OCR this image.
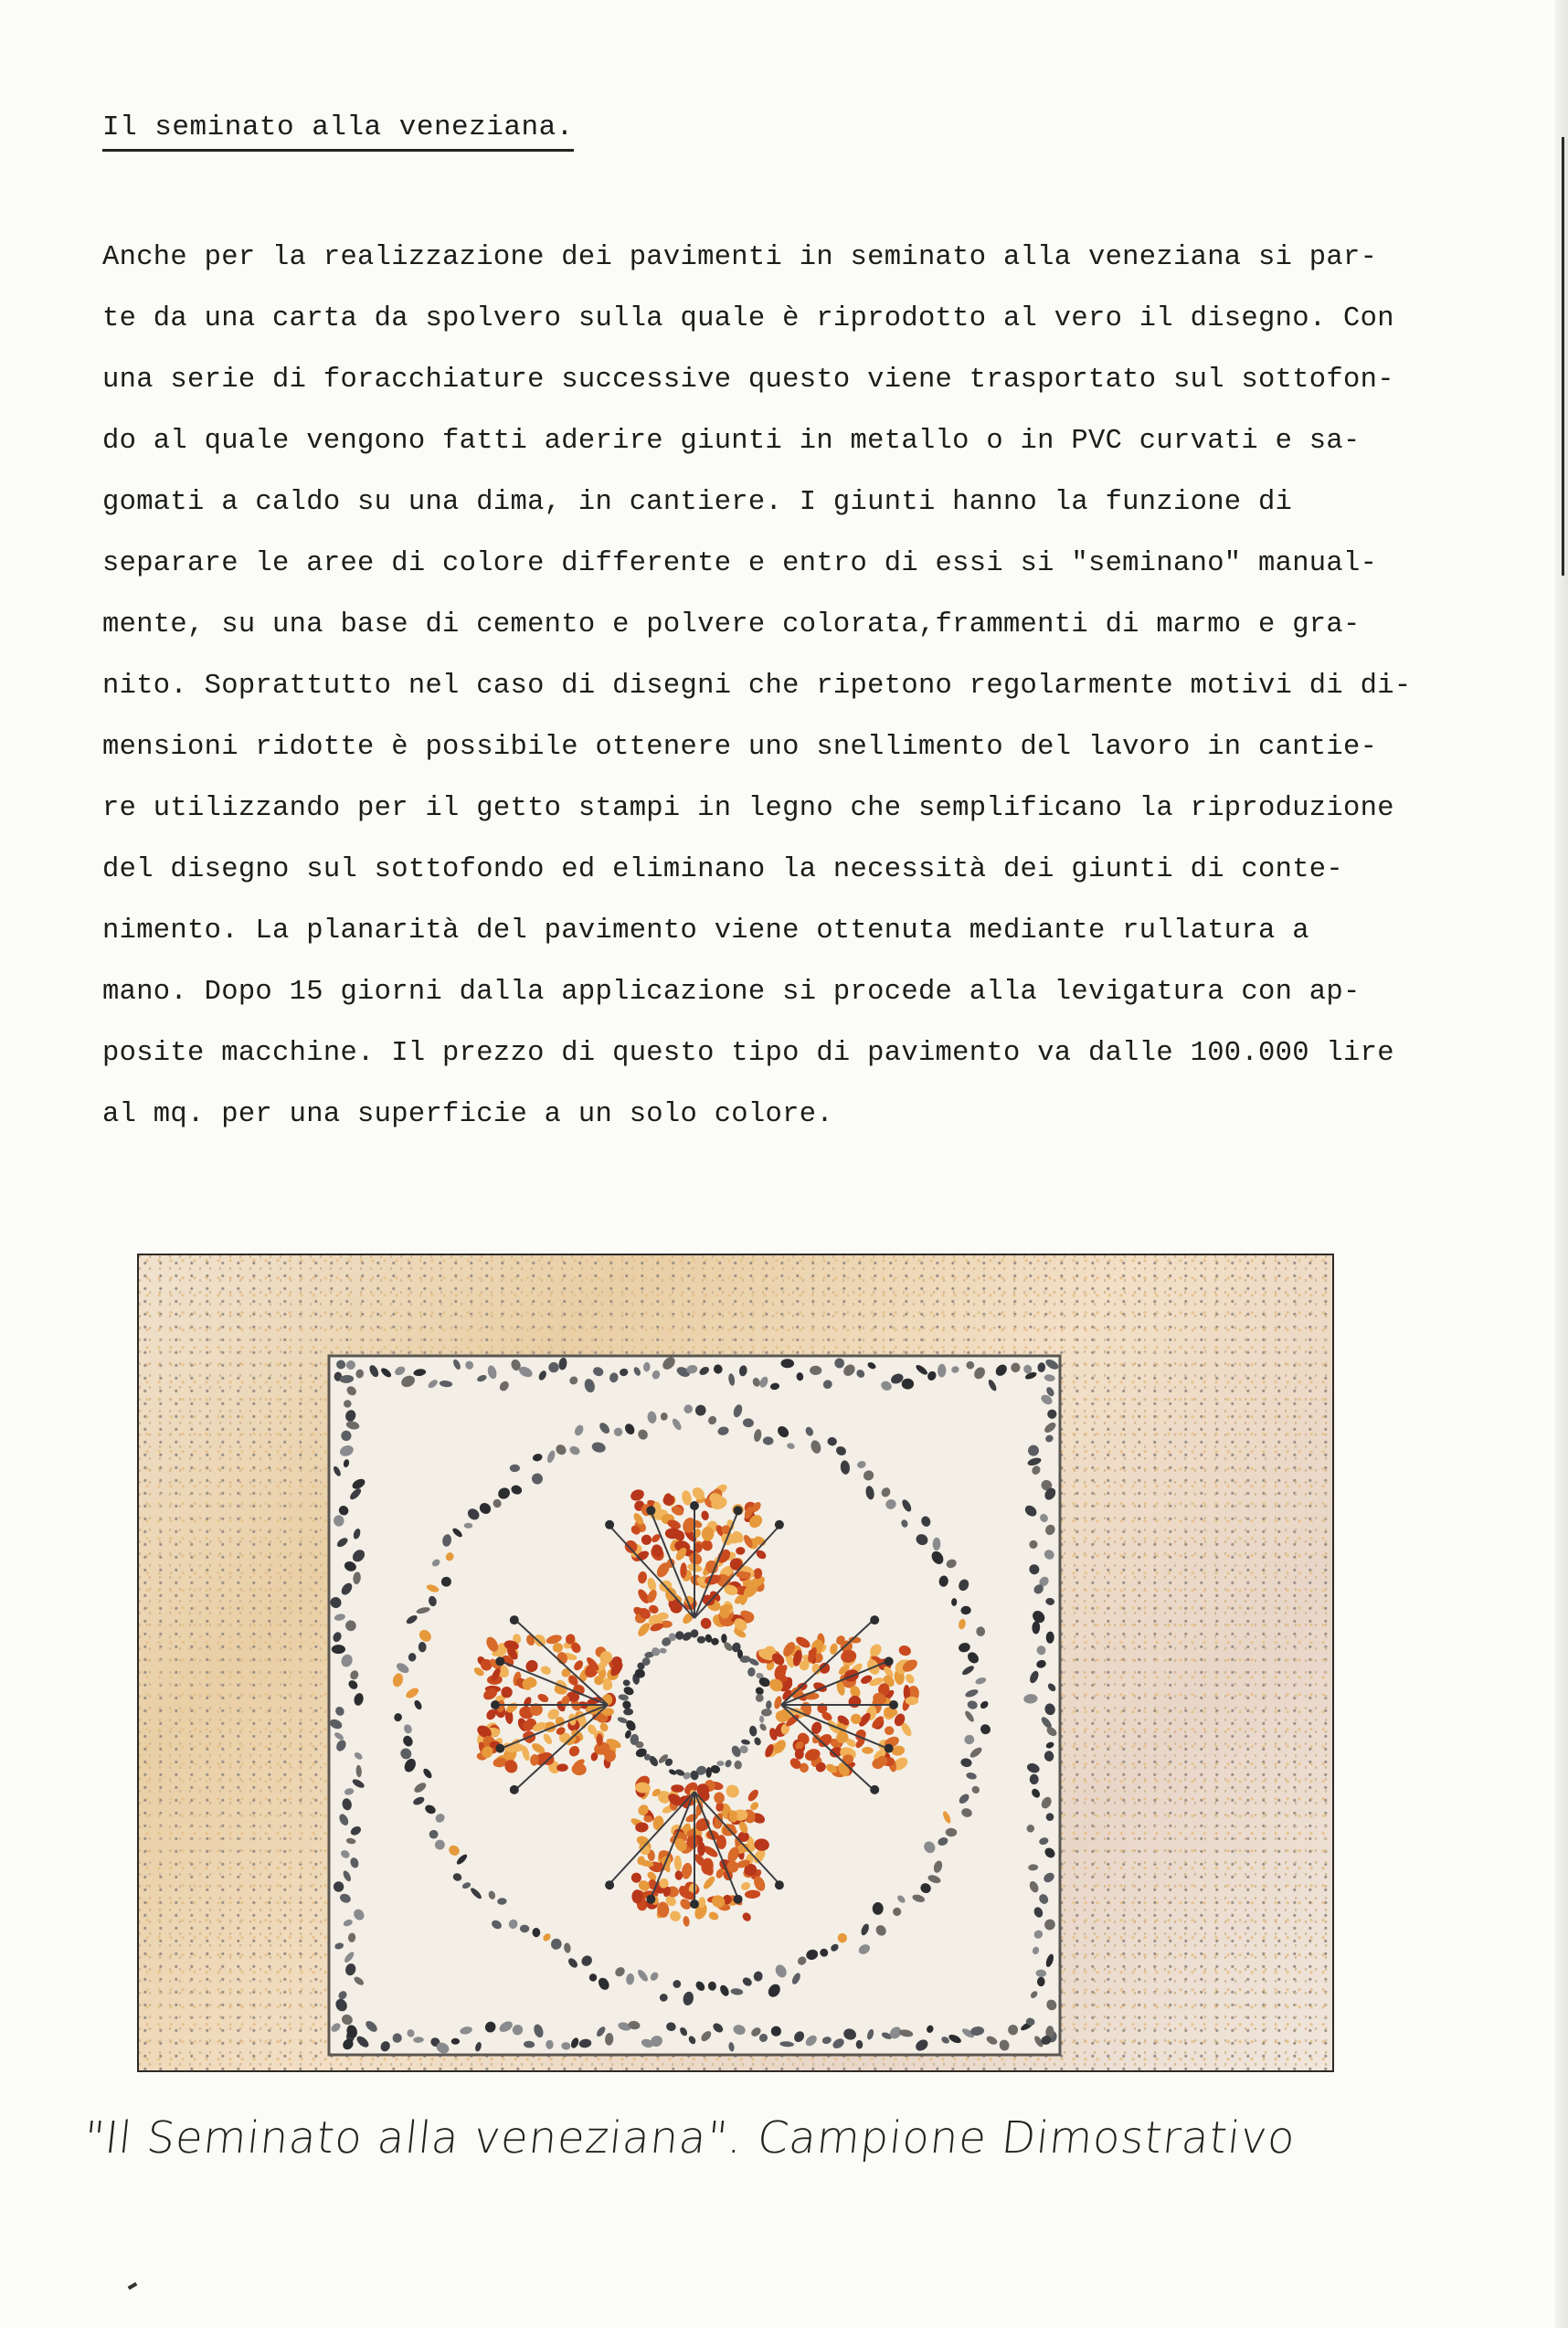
Il seminato alla veneziana.
Anche per la realizzazione dei pavimenti in seminato alla veneziana si par-
te da una carta da spolvero sulla quale è riprodotto al vero il disegno. Con
una serie di foracchiature successive questo viene trasportato sul sottofon-
do al quale vengono fatti aderire giunti in metallo o in PVC curvati e sa-
gomati a caldo su una dima, in cantiere. I giunti hanno la funzione di
separare le aree di colore differente e entro di essi si "seminano" manual-
mente, su una base di cemento e polvere colorata,frammenti di marmo e gra-
nito. Soprattutto nel caso di disegni che ripetono regolarmente motivi di di-
mensioni ridotte è possibile ottenere uno snellimento del lavoro in cantie-
re utilizzando per il getto stampi in legno che semplificano la riproduzione
del disegno sul sottofondo ed eliminano la necessità dei giunti di conte-
nimento. La planarità del pavimento viene ottenuta mediante rullatura a
mano. Dopo 15 giorni dalla applicazione si procede alla levigatura con ap-
posite macchine. Il prezzo di questo tipo di pavimento va dalle 100.000 lire
al mq. per una superficie a un solo colore.
"Il Seminato alla veneziana". Campione Dimostrativo
